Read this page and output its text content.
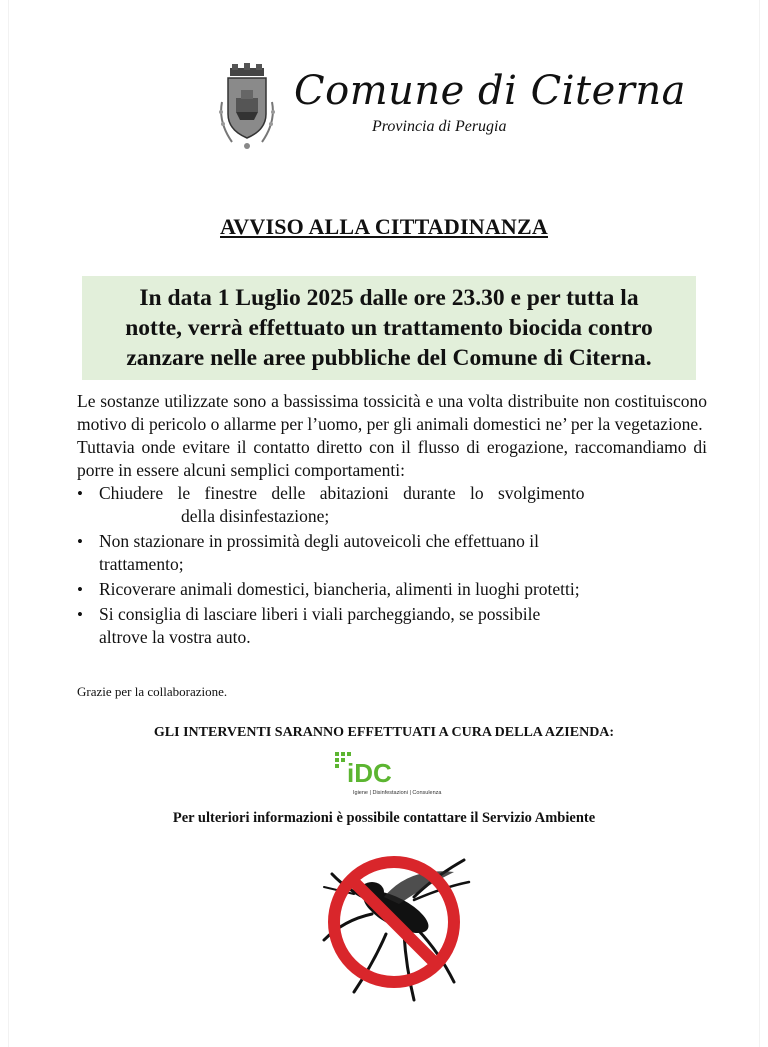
Comune di Citerna
Provincia di Perugia
AVVISO ALLA CITTADINANZA
In data 1 Luglio 2025 dalle ore 23.30 e per tutta la
notte, verrà effettuato un trattamento biocida contro
zanzare nelle aree pubbliche del Comune di Citerna.

Le sostanze utilizzate sono a bassissima tossicità e una volta distribuite non costituiscono motivo di pericolo o allarme per l’uomo, per gli animali domestici ne’ per la vegetazione.

Tuttavia onde evitare il contatto diretto con il flusso di erogazione, raccomandiamo di porre in essere alcuni semplici comportamenti:

• Chiudere le finestre delle abitazioni durante lo svolgimento
della disinfestazione;
• Non stazionare in prossimità degli autoveicoli che effettuano il
trattamento;
• Ricoverare animali domestici, biancheria, alimenti in luoghi protetti;
• Si consiglia di lasciare liberi i viali parcheggiando, se possibile
altrove la vostra auto.
Grazie per la collaborazione.
GLI INTERVENTI SARANNO EFFETTUATI A CURA DELLA AZIENDA:
iDC
Igiene | Disinfestazioni | Consulenza
Per ulteriori informazioni è possibile contattare il Servizio Ambiente
